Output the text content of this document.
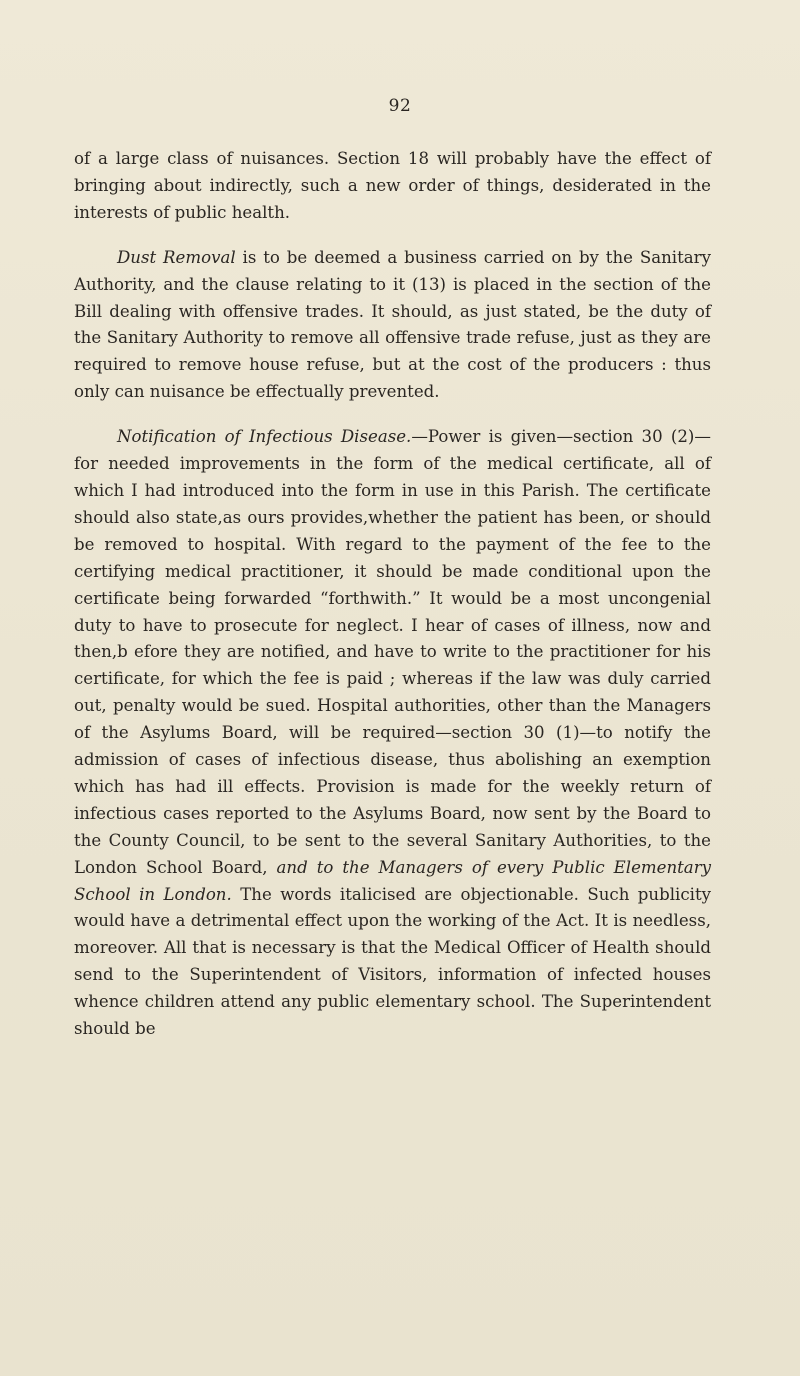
92

of a large class of nuisances. Section 18 will probably have the effect of bringing about indirectly, such a new order of things, desiderated in the interests of public health.

Dust Removal is to be deemed a business carried on by the Sanitary Authority, and the clause relating to it (13) is placed in the section of the Bill dealing with offensive trades. It should, as just stated, be the duty of the Sanitary Authority to remove all offensive trade refuse, just as they are required to remove house refuse, but at the cost of the producers : thus only can nuisance be effectually prevented.

Notification of Infectious Disease.—Power is given—section 30 (2)—for needed improvements in the form of the medical certificate, all of which I had introduced into the form in use in this Parish. The certificate should also state,as ours provides,whether the patient has been, or should be removed to hospital. With regard to the payment of the fee to the certifying medical practitioner, it should be made conditional upon the certificate being forwarded “forthwith.” It would be a most uncongenial duty to have to prosecute for neglect. I hear of cases of illness, now and then,b efore they are notified, and have to write to the practitioner for his certificate, for which the fee is paid ; whereas if the law was duly carried out, penalty would be sued. Hospital authorities, other than the Managers of the Asylums Board, will be required—section 30 (1)—to notify the admission of cases of infectious disease, thus abolishing an exemption which has had ill effects. Provision is made for the weekly return of infectious cases reported to the Asylums Board, now sent by the Board to the County Council, to be sent to the several Sanitary Authorities, to the London School Board, and to the Managers of every Public Elementary School in London. The words italicised are objectionable. Such publicity would have a detrimental effect upon the working of the Act. It is needless, moreover. All that is necessary is that the Medical Officer of Health should send to the Superintendent of Visitors, information of infected houses whence children attend any public elementary school. The Superintendent should be
